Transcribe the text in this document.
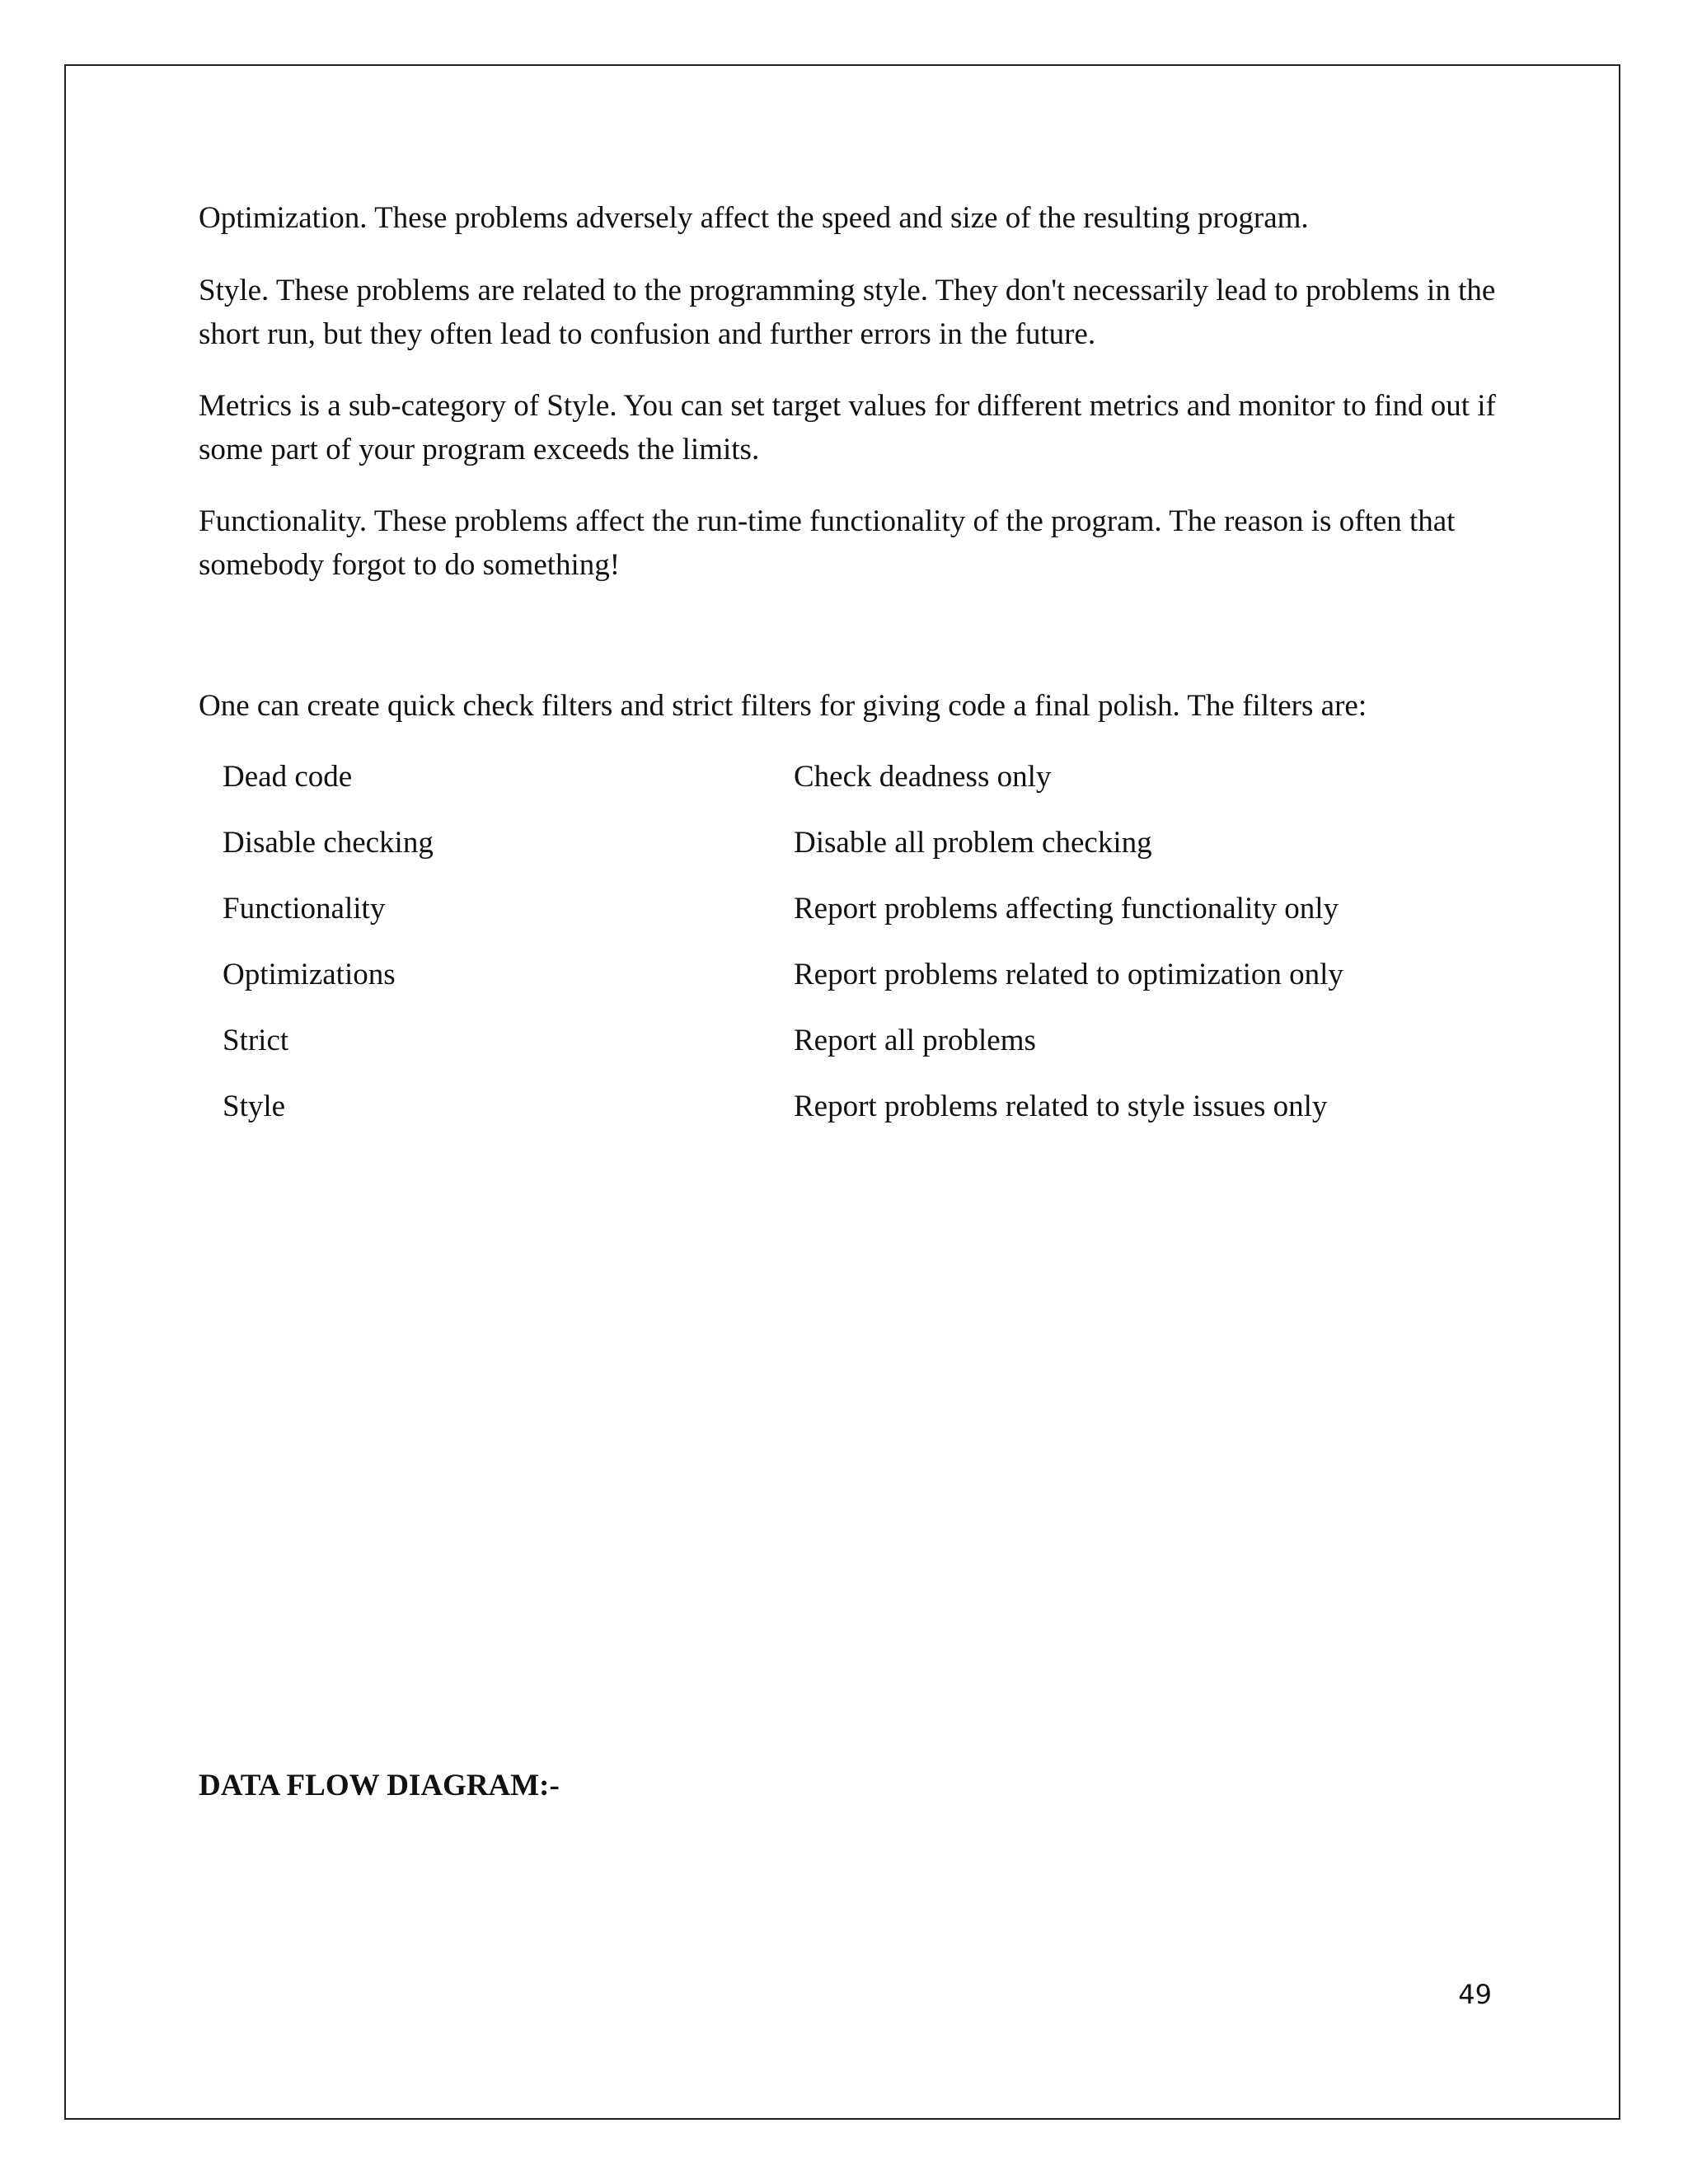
Optimization. These problems adversely affect the speed and size of the resulting program.

Style. These problems are related to the programming style. They don't necessarily lead to problems in the short run, but they often lead to confusion and further errors in the future.

Metrics is a sub-category of Style. You can set target values for different metrics and monitor to find out if some part of your program exceeds the limits.

Functionality. These problems affect the run-time functionality of the program. The reason is often that somebody forgot to do something!

One can create quick check filters and strict filters for giving code a final polish. The filters are:

Dead code	Check deadness only
Disable checking	Disable all problem checking
Functionality	Report problems affecting functionality only
Optimizations	Report problems related to optimization only
Strict	Report all problems
Style	Report problems related to style issues only
DATA FLOW DIAGRAM:-
49
